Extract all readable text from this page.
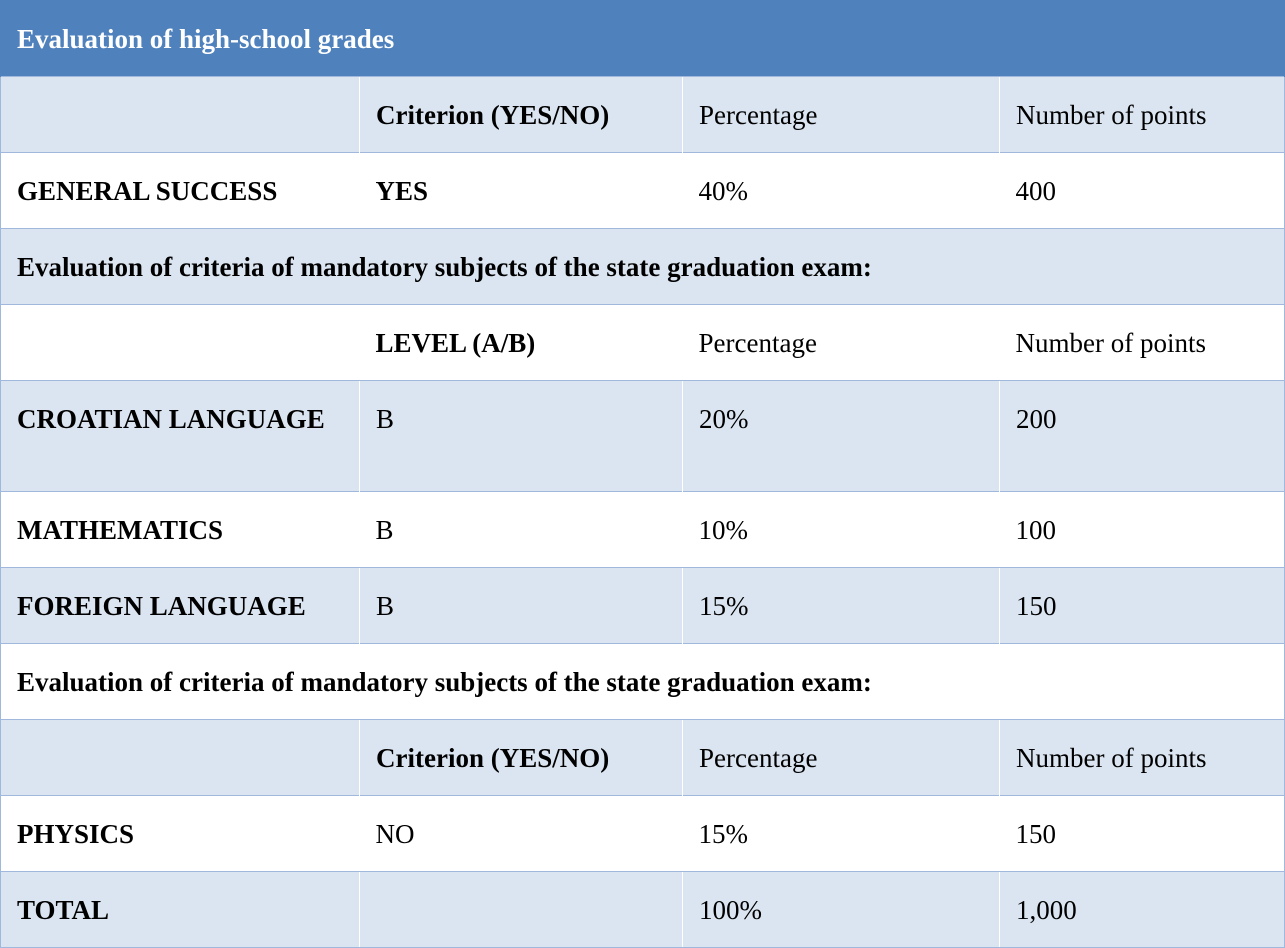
Evaluation of high-school grades			
	Criterion (YES/NO)	Percentage	Number of points
GENERAL SUCCESS	YES	40%	400
Evaluation of criteria of mandatory subjects of the state graduation exam:			
	LEVEL (A/B)	Percentage	Number of points
CROATIAN LANGUAGE	B	20%	200
MATHEMATICS	B	10%	100
FOREIGN LANGUAGE	B	15%	150
Evaluation of criteria of mandatory subjects of the state graduation exam:			
	Criterion (YES/NO)	Percentage	Number of points
PHYSICS	NO	15%	150
TOTAL		100%	1,000
